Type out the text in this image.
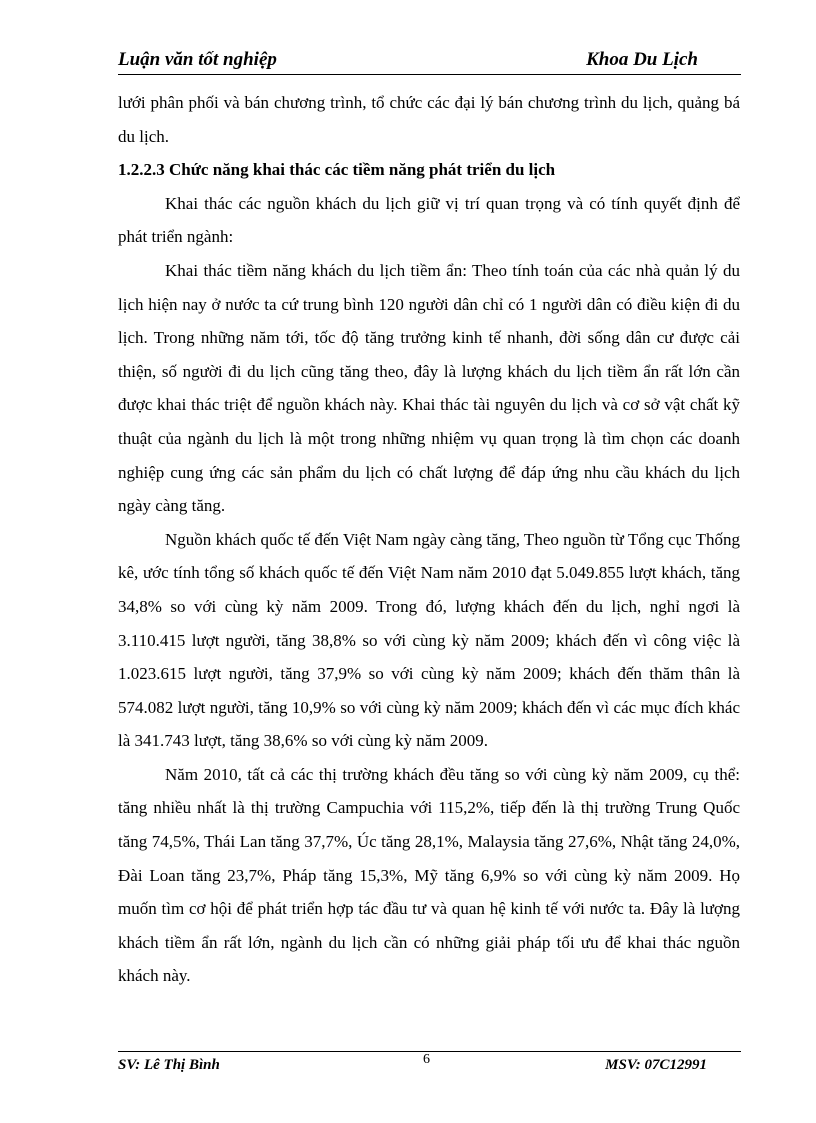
Luận văn tốt nghiệp	Khoa Du Lịch

lưới phân phối và bán chương trình, tổ chức các đại lý bán chương trình du lịch, quảng bá du lịch.

1.2.2.3 Chức năng khai thác các tiềm năng phát triển du lịch

Khai thác các nguồn khách du lịch giữ vị trí quan trọng và có tính quyết định để phát triển ngành:

Khai thác tiềm năng khách du lịch tiềm ẩn: Theo tính toán của các nhà quản lý du lịch hiện nay ở nước ta cứ trung bình 120 người dân chỉ có 1 người dân có điều kiện đi du lịch. Trong những năm tới, tốc độ tăng trưởng kinh tế nhanh, đời sống dân cư được cải thiện, số người đi du lịch cũng tăng theo, đây là lượng khách du lịch tiềm ẩn rất lớn cần được khai thác triệt để nguồn khách này. Khai thác tài nguyên du lịch và cơ sở vật chất kỹ thuật của ngành du lịch là một trong những nhiệm vụ quan trọng là tìm chọn các doanh nghiệp cung ứng các sản phẩm du lịch có chất lượng để đáp ứng nhu cầu khách du lịch ngày càng tăng.

Nguồn khách quốc tế đến Việt Nam ngày càng tăng, Theo nguồn từ Tổng cục Thống kê, ước tính tổng số khách quốc tế đến Việt Nam năm 2010 đạt 5.049.855 lượt khách, tăng 34,8% so với cùng kỳ năm 2009. Trong đó, lượng khách đến du lịch, nghỉ ngơi là 3.110.415 lượt người, tăng 38,8% so với cùng kỳ năm 2009; khách đến vì công việc là 1.023.615 lượt người, tăng 37,9% so với cùng kỳ năm 2009; khách đến thăm thân là 574.082 lượt người, tăng 10,9% so với cùng kỳ năm 2009; khách đến vì các mục đích khác là 341.743 lượt, tăng 38,6% so với cùng kỳ năm 2009.

Năm 2010, tất cả các thị trường khách đều tăng so với cùng kỳ năm 2009, cụ thể: tăng nhiều nhất là thị trường Campuchia với 115,2%, tiếp đến là thị trường Trung Quốc tăng 74,5%, Thái Lan tăng 37,7%, Úc tăng 28,1%, Malaysia tăng 27,6%, Nhật tăng 24,0%, Đài Loan tăng 23,7%, Pháp tăng 15,3%, Mỹ tăng 6,9% so với cùng kỳ năm 2009. Họ muốn tìm cơ hội để phát triển hợp tác đầu tư và quan hệ kinh tế với nước ta. Đây là lượng khách tiềm ẩn rất lớn, ngành du lịch cần có những giải pháp tối ưu để khai thác nguồn khách này.

SV: Lê Thị Bình	6	MSV: 07C12991
